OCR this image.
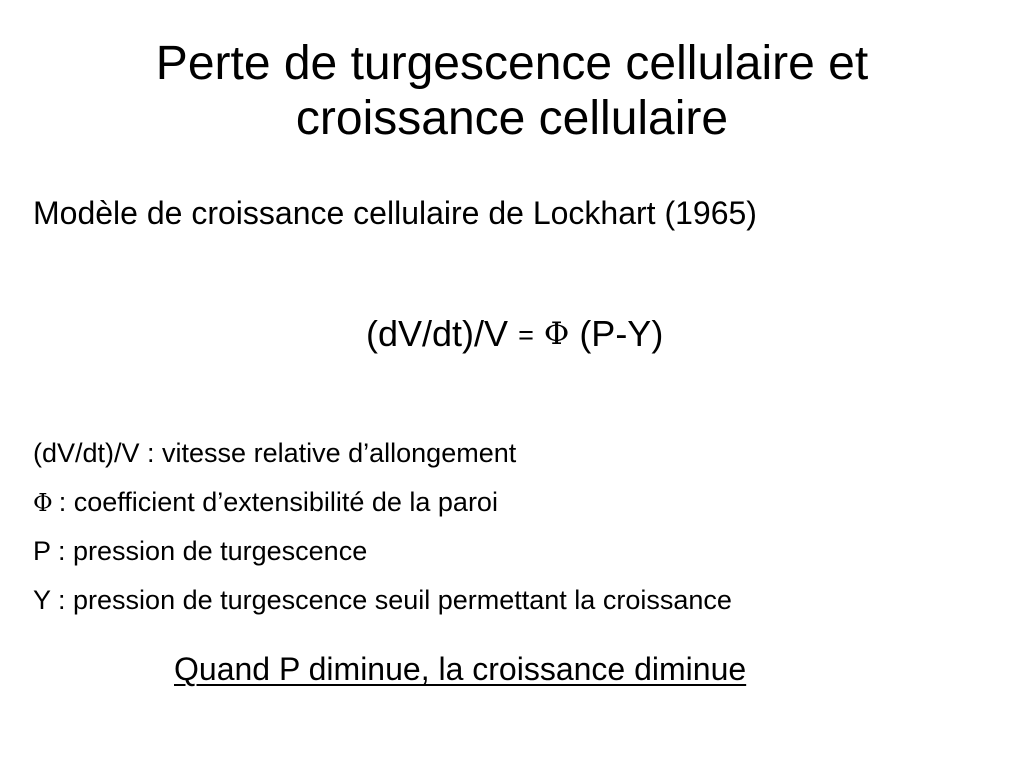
Perte de turgescence cellulaire et
croissance cellulaire
Modèle de croissance cellulaire de Lockhart (1965)
(dV/dt)/V = Φ (P-Y)
(dV/dt)/V : vitesse relative d’allongement
Φ : coefficient d’extensibilité de la paroi
P : pression de turgescence
Y : pression de turgescence seuil permettant la croissance
Quand P diminue, la croissance diminue
